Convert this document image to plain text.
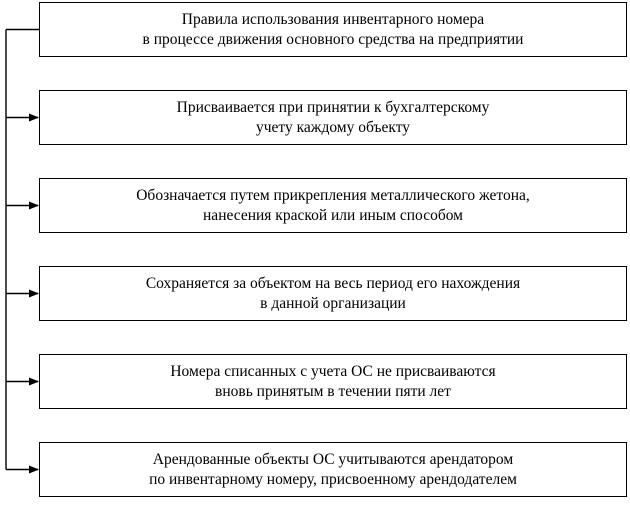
Правила использования инвентарного номера
в процессе движения основного средства на предприятии
Присваивается при принятии к бухгалтерскому
учету каждому объекту
Обозначается путем прикрепления металлического жетона,
нанесения краской или иным способом
Сохраняется за объектом на весь период его нахождения
в данной организации
Номера списанных с учета ОС не присваиваются
вновь принятым в течении пяти лет
Арендованные объекты ОС учитываются арендатором
по инвентарному номеру, присвоенному арендодателем
